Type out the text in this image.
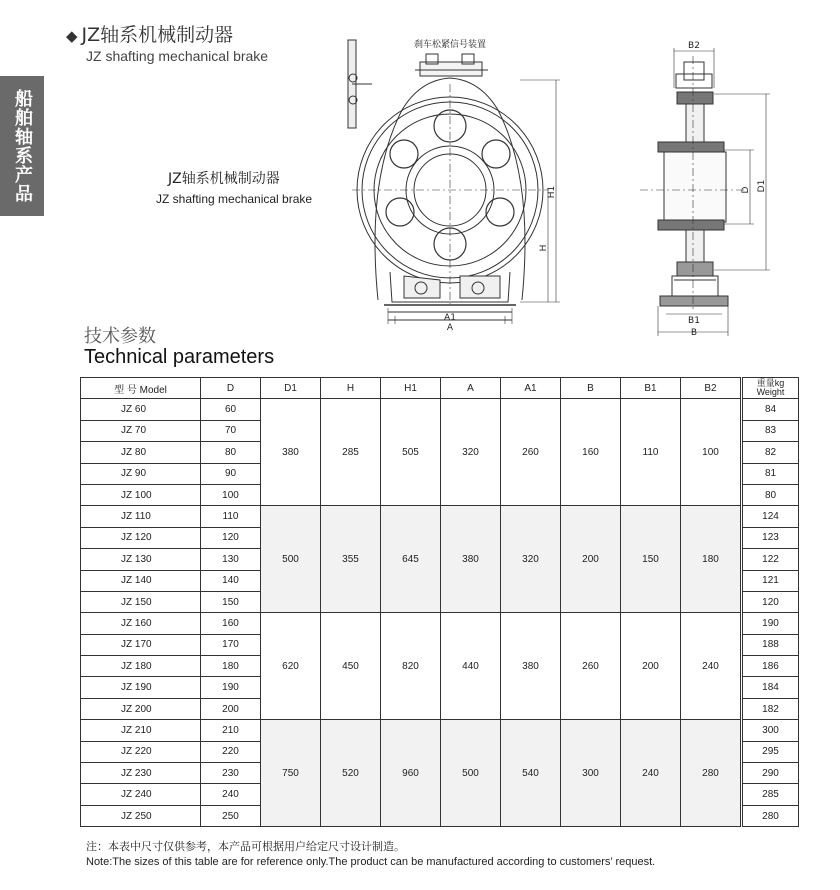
船舶轴系产品
◆ JZ轴系机械制动器
JZ shafting mechanical brake
刹车松紧信号装置
H
H1
A1
A
B2
B1
B
D D1
JZ轴系机械制动器
JZ shafting mechanical brake
技术参数
Technical parameters
型 号 Model	D	D1	H	H1	A	A1	B	B1	B2		重量kg
Weight
JZ 60	60	380	285	505	320	260	160	110	100		84
JZ 70	70										83
JZ 80	80										82
JZ 90	90										81
JZ 100	100										80
JZ 110	110	500	355	645	380	320	200	150	180		124
JZ 120	120										123
JZ 130	130										122
JZ 140	140										121
JZ 150	150										120
JZ 160	160	620	450	820	440	380	260	200	240		190
JZ 170	170										188
JZ 180	180										186
JZ 190	190										184
JZ 200	200										182
JZ 210	210	750	520	960	500	540	300	240	280		300
JZ 220	220										295
JZ 230	230										290
JZ 240	240										285
JZ 250	250										280
注：本表中尺寸仅供参考，本产品可根据用户给定尺寸设计制造。
Note:The sizes of this table are for reference only.The product can be manufactured according to customers’ request.
